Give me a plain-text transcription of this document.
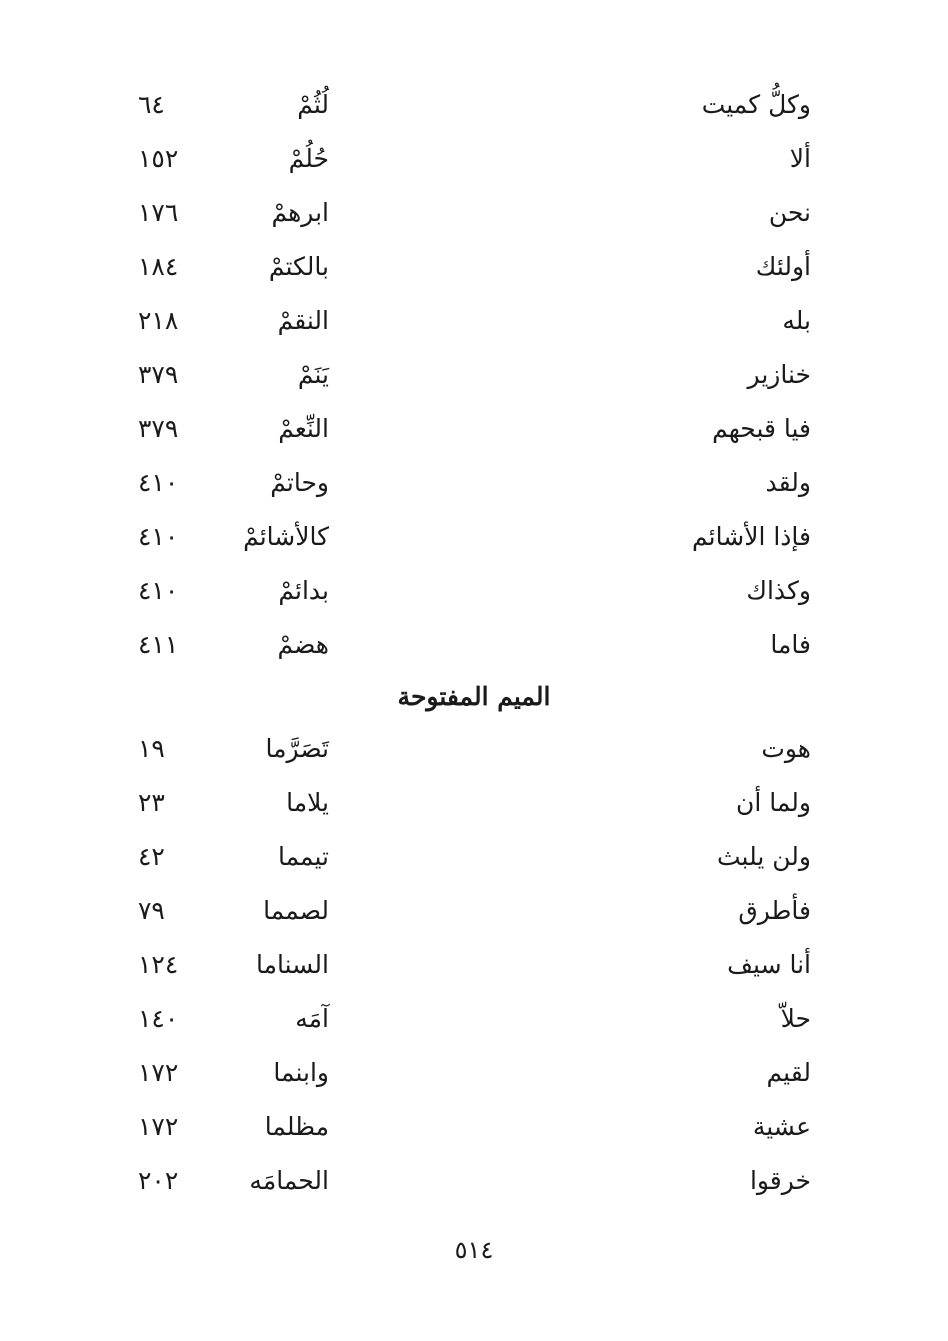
وكلُّ كميت
لُثُمْ
٦٤
ألا
حُلُمْ
١٥٢
نحن
ابرهمْ
١٧٦
أولئك
بالكتمْ
١٨٤
بله
النقمْ
٢١٨
خنازير
يَنَمْ
٣٧٩
فيا قبحهم
النِّعمْ
٣٧٩
ولقد
وحاتمْ
٤١٠
فإذا الأشائم
كالأشائمْ
٤١٠
وكذاك
بدائمْ
٤١٠
فاما
هضمْ
٤١١
الميم المفتوحة
هوت
تَصَرَّما
١٩
ولما أن
يلاما
٢٣
ولن يلبث
تيمما
٤٢
فأطرق
لصمما
٧٩
أنا سيف
السناما
١٢٤
حلاّ
آمَه
١٤٠
لقيم
وابنما
١٧٢
عشية
مظلما
١٧٢
خرقوا
الحمامَه
٢٠٢
٥١٤
